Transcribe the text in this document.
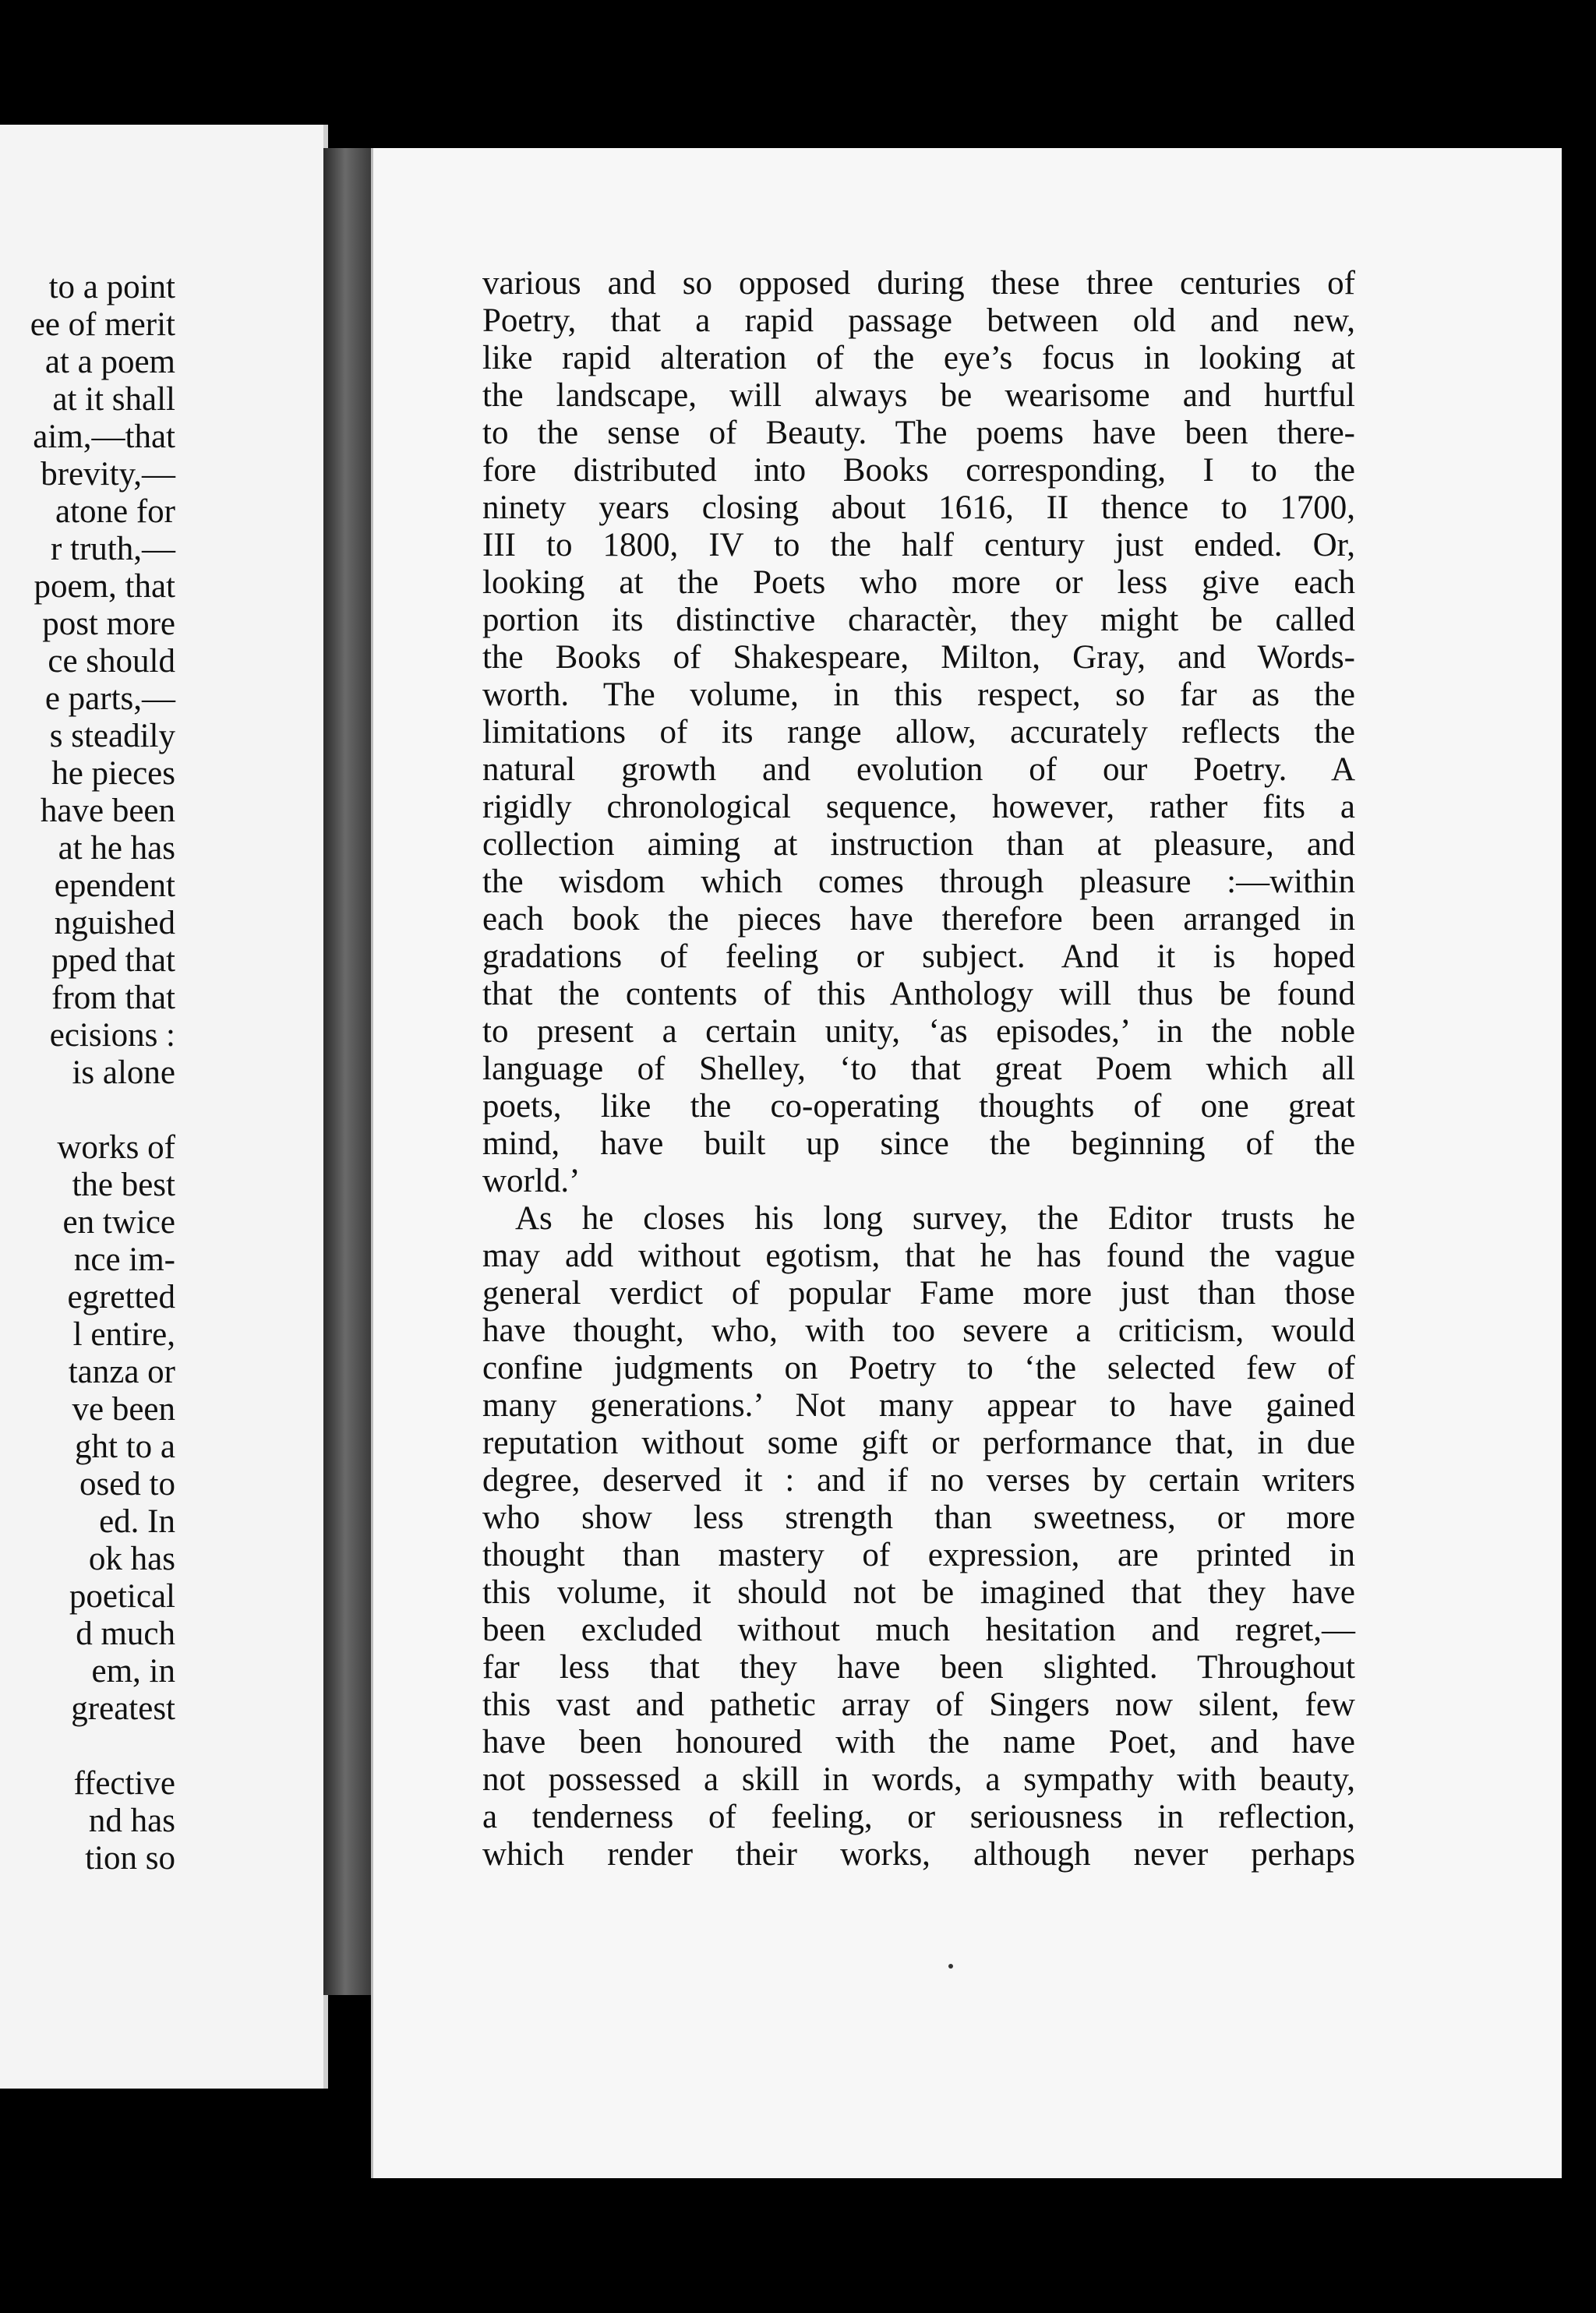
to a point
ee of merit
at a poem
at it shall
aim,—that
brevity,—
atone for
r truth,—
poem, that
post more
ce should
e parts,—
s steadily
he pieces
have been
at he has
ependent
nguished
pped that
from that
ecisions :
is alone
works of
the best
en twice
nce im-
egretted
l entire,
tanza or
ve been
ght to a
osed to
ed. In
ok has
poetical
d much
em, in
greatest
ffective
nd has
tion so
various and so opposed during these three centuries of
Poetry, that a rapid passage between old and new,
like rapid alteration of the eye’s focus in looking at
the landscape, will always be wearisome and hurtful
to the sense of Beauty. The poems have been there-
fore distributed into Books corresponding, I to the
ninety years closing about 1616, II thence to 1700,
III to 1800, IV to the half century just ended. Or,
looking at the Poets who more or less give each
portion its distinctive charactèr, they might be called
the Books of Shakespeare, Milton, Gray, and Words-
worth. The volume, in this respect, so far as the
limitations of its range allow, accurately reflects the
natural growth and evolution of our Poetry. A
rigidly chronological sequence, however, rather fits a
collection aiming at instruction than at pleasure, and
the wisdom which comes through pleasure :—within
each book the pieces have therefore been arranged in
gradations of feeling or subject. And it is hoped
that the contents of this Anthology will thus be found
to present a certain unity, ‘as episodes,’ in the noble
language of Shelley, ‘to that great Poem which all
poets, like the co-operating thoughts of one great
mind, have built up since the beginning of the
world.’
As he closes his long survey, the Editor trusts he
may add without egotism, that he has found the vague
general verdict of popular Fame more just than those
have thought, who, with too severe a criticism, would
confine judgments on Poetry to ‘the selected few of
many generations.’ Not many appear to have gained
reputation without some gift or performance that, in due
degree, deserved it : and if no verses by certain writers
who show less strength than sweetness, or more
thought than mastery of expression, are printed in
this volume, it should not be imagined that they have
been excluded without much hesitation and regret,—
far less that they have been slighted. Throughout
this vast and pathetic array of Singers now silent, few
have been honoured with the name Poet, and have
not possessed a skill in words, a sympathy with beauty,
a tenderness of feeling, or seriousness in reflection,
which render their works, although never perhaps
